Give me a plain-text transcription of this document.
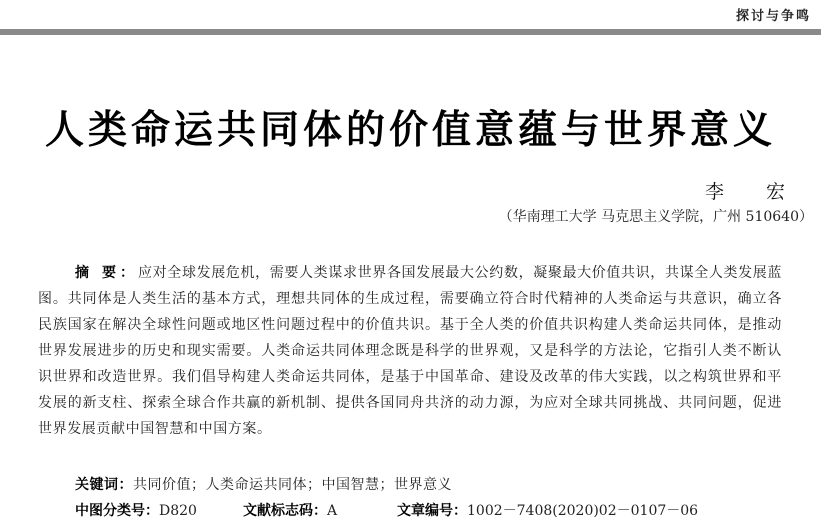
探讨与争鸣
人类命运共同体的价值意蕴与世界意义
李 宏
（华南理工大学 马克思主义学院，广州 510640）

摘 要：应对全球发展危机，需要人类谋求世界各国发展最大公约数，凝聚最大价值共识，共谋全人类发展蓝图。共同体是人类生活的基本方式，理想共同体的生成过程，需要确立符合时代精神的人类命运与共意识，确立各民族国家在解决全球性问题或地区性问题过程中的价值共识。基于全人类的价值共识构建人类命运共同体，是推动世界发展进步的历史和现实需要。人类命运共同体理念既是科学的世界观，又是科学的方法论，它指引人类不断认识世界和改造世界。我们倡导构建人类命运共同体，是基于中国革命、建设及改革的伟大实践，以之构筑世界和平发展的新支柱、探索全球合作共赢的新机制、提供各国同舟共济的动力源，为应对全球共同挑战、共同问题，促进世界发展贡献中国智慧和中国方案。

关键词：共同价值；人类命运共同体；中国智慧；世界意义
中图分类号：D820	文献标志码：A	文章编号：1002－7408(2020)02－0107－06
